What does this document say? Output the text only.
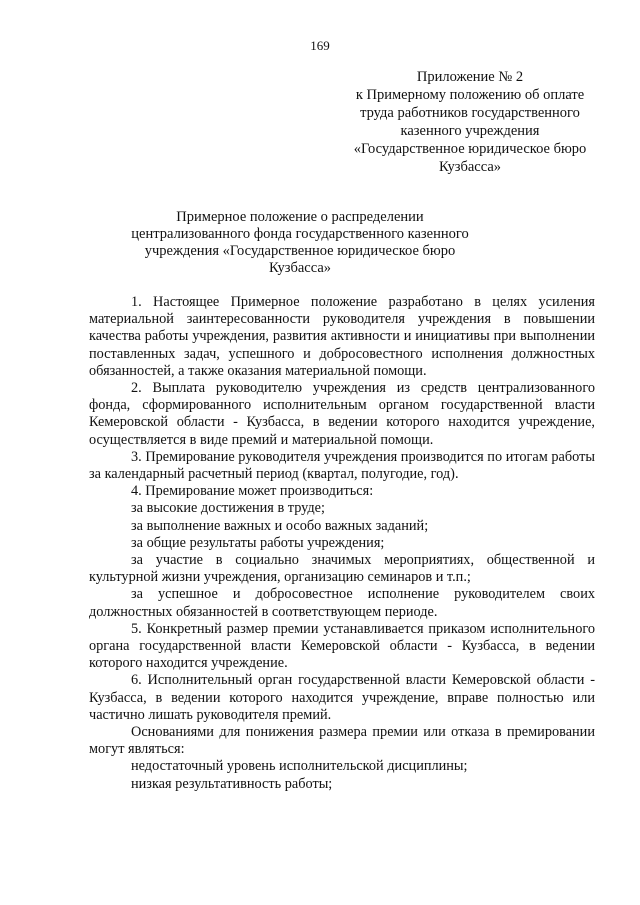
169
Приложение № 2
к Примерному положению об оплате
труда работников государственного
казенного учреждения
«Государственное юридическое бюро
Кузбасса»
Примерное положение о распределении
централизованного фонда государственного казенного
учреждения «Государственное юридическое бюро
Кузбасса»

1. Настоящее Примерное положение разработано в целях усиления материальной заинтересованности руководителя учреждения в повышении качества работы учреждения, развития активности и инициативы при выполнении поставленных задач, успешного и добросовестного исполнения должностных обязанностей, а также оказания материальной помощи.

2. Выплата руководителю учреждения из средств централизованного фонда, сформированного исполнительным органом государственной власти Кемеровской области - Кузбасса, в ведении которого находится учреждение, осуществляется в виде премий и материальной помощи.

3. Премирование руководителя учреждения производится по итогам работы за календарный расчетный период (квартал, полугодие, год).

4. Премирование может производиться:

за высокие достижения в труде;

за выполнение важных и особо важных заданий;

за общие результаты работы учреждения;

за участие в социально значимых мероприятиях, общественной и культурной жизни учреждения, организацию семинаров и т.п.;

за успешное и добросовестное исполнение руководителем своих должностных обязанностей в соответствующем периоде.

5. Конкретный размер премии устанавливается приказом исполнительного органа государственной власти Кемеровской области - Кузбасса, в ведении которого находится учреждение.

6. Исполнительный орган государственной власти Кемеровской области - Кузбасса, в ведении которого находится учреждение, вправе полностью или частично лишать руководителя премий.

Основаниями для понижения размера премии или отказа в премировании могут являться:

недостаточный уровень исполнительской дисциплины;

низкая результативность работы;
